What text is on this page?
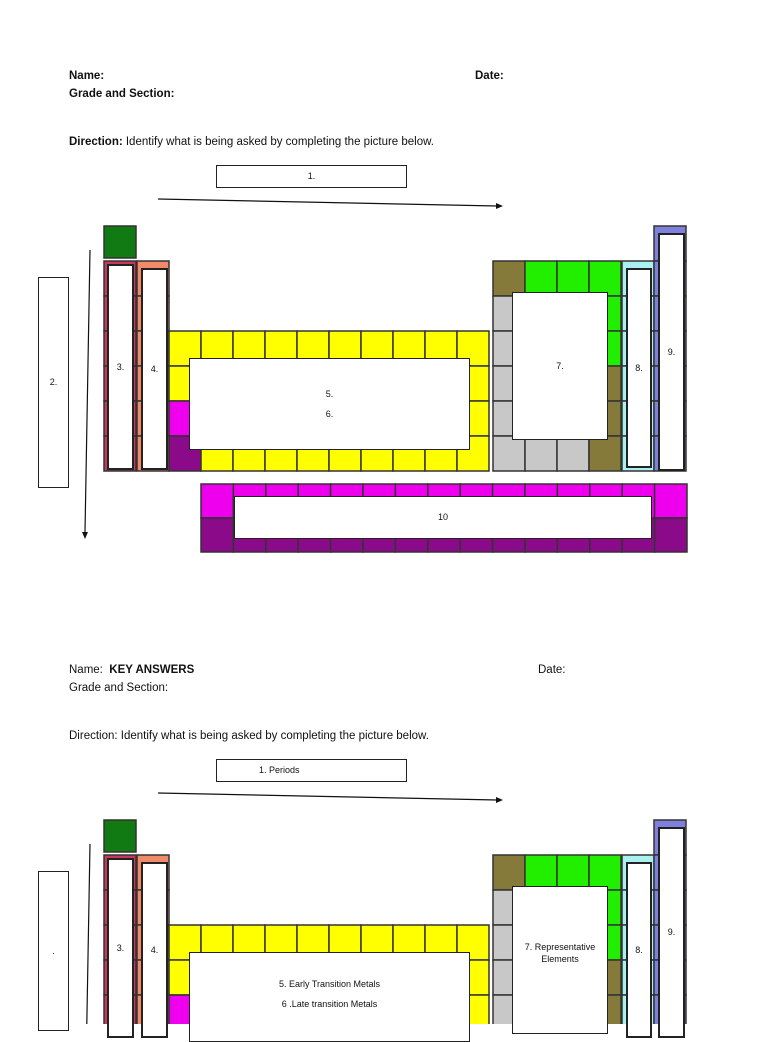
Name:	Date:
Grade and Section:
Direction: Identify what is being asked by completing the picture below.
1.
2.
3.	4.
5.
6.
7.	8.
9.
10
Name: KEY ANSWERS	Date:
Grade and Section:
Direction: Identify what is being asked by completing the picture below.
1. Periods
.	3.	4.
5. Early Transition Metals
6 .Late transition Metals
7. Representative Elements
8.
9.
